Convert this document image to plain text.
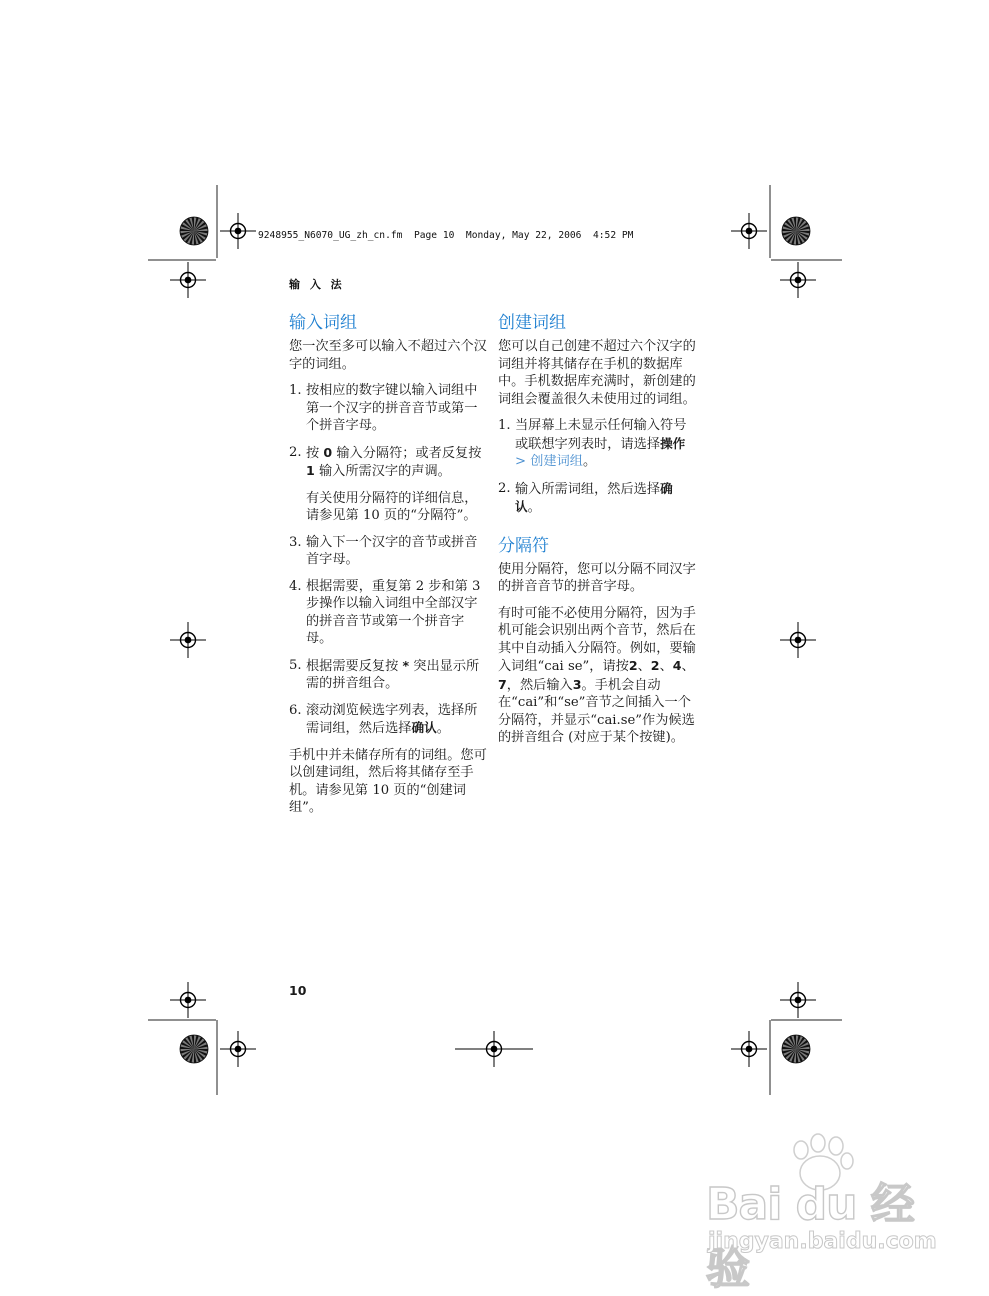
9248955_N6070_UG_zh_cn.fm  Page 10  Monday, May 22, 2006  4:52 PM
输 入 法
输入词组

您一次至多可以输入不超过六个汉字的词组。

1. 按相应的数字键以输入词组中第一个汉字的拼音音节或第一个拼音字母。
2. 按 0 输入分隔符；或者反复按 1 输入所需汉字的声调。
有关使用分隔符的详细信息，请参见第 10 页的“分隔符”。
3. 输入下一个汉字的音节或拼音首字母。
4. 根据需要，重复第 2 步和第 3 步操作以输入词组中全部汉字的拼音音节或第一个拼音字母。
5. 根据需要反复按 * 突出显示所需的拼音组合。
6. 滚动浏览候选字列表，选择所需词组，然后选择确认。

手机中并未储存所有的词组。您可以创建词组，然后将其储存至手机。请参见第 10 页的“创建词组”。

创建词组

您可以自己创建不超过六个汉字的词组并将其储存在手机的数据库中。手机数据库充满时，新创建的词组会覆盖很久未使用过的词组。

1. 当屏幕上未显示任何输入符号或联想字列表时，请选择操作 > 创建词组。
2. 输入所需词组，然后选择确认。
分隔符

使用分隔符，您可以分隔不同汉字的拼音音节的拼音字母。

有时可能不必使用分隔符，因为手机可能会识别出两个音节，然后在其中自动插入分隔符。例如，要输入词组“cai se”，请按2、2、4、7，然后输入3。手机会自动在“cai”和“se”音节之间插入一个分隔符，并显示“cai.se”作为候选的拼音组合 (对应于某个按键)。

10
Bai du 经验
jingyan.baidu.com
